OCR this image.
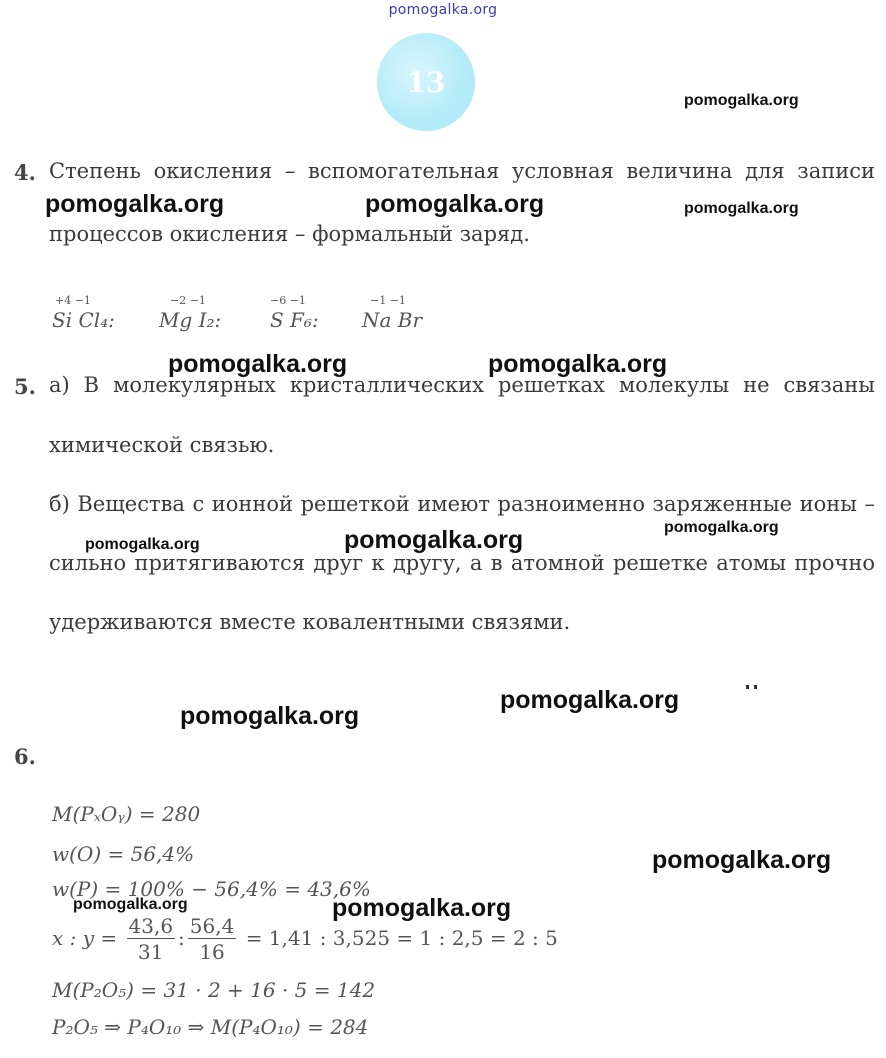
pomogalka.org
13
pomogalka.org
pomogalka.org	pomogalka.org	pomogalka.org
pomogalka.org	pomogalka.org
pomogalka.org
pomogalka.org	pomogalka.org
pomogalka.org
pomogalka.org
pomogalka.org
pomogalka.org	pomogalka.org
4. Степень окисления – вспомогательная условная величина для записи
процессов окисления – формальный заряд.
+4 −1
Si Cl₄:
−2 −1
Mg I₂:
−6 −1
S F₆:
−1 −1
Na Br
5. а) В молекулярных кристаллических решетках молекулы не связаны
химической связью.
б) Вещества с ионной решеткой имеют разноименно заряженные ионы –
сильно притягиваются друг к другу, а в атомной решетке атомы прочно
удерживаются вместе ковалентными связями.
6.
M(PₓOᵧ) = 280
w(O) = 56,4%
w(P) = 100% − 56,4% = 43,6%
x : $y = \frac{43,6}{31}$ : $\frac{56,4}{16} = 1,41$ : 3,525 = 1 : 2,5 = 2 : 5
M(P₂O₅) = 31 · 2 + 16 · 5 = 142
P₂O₅ ⇒ P₄O₁₀ ⇒ M(P₄O₁₀) = 284
